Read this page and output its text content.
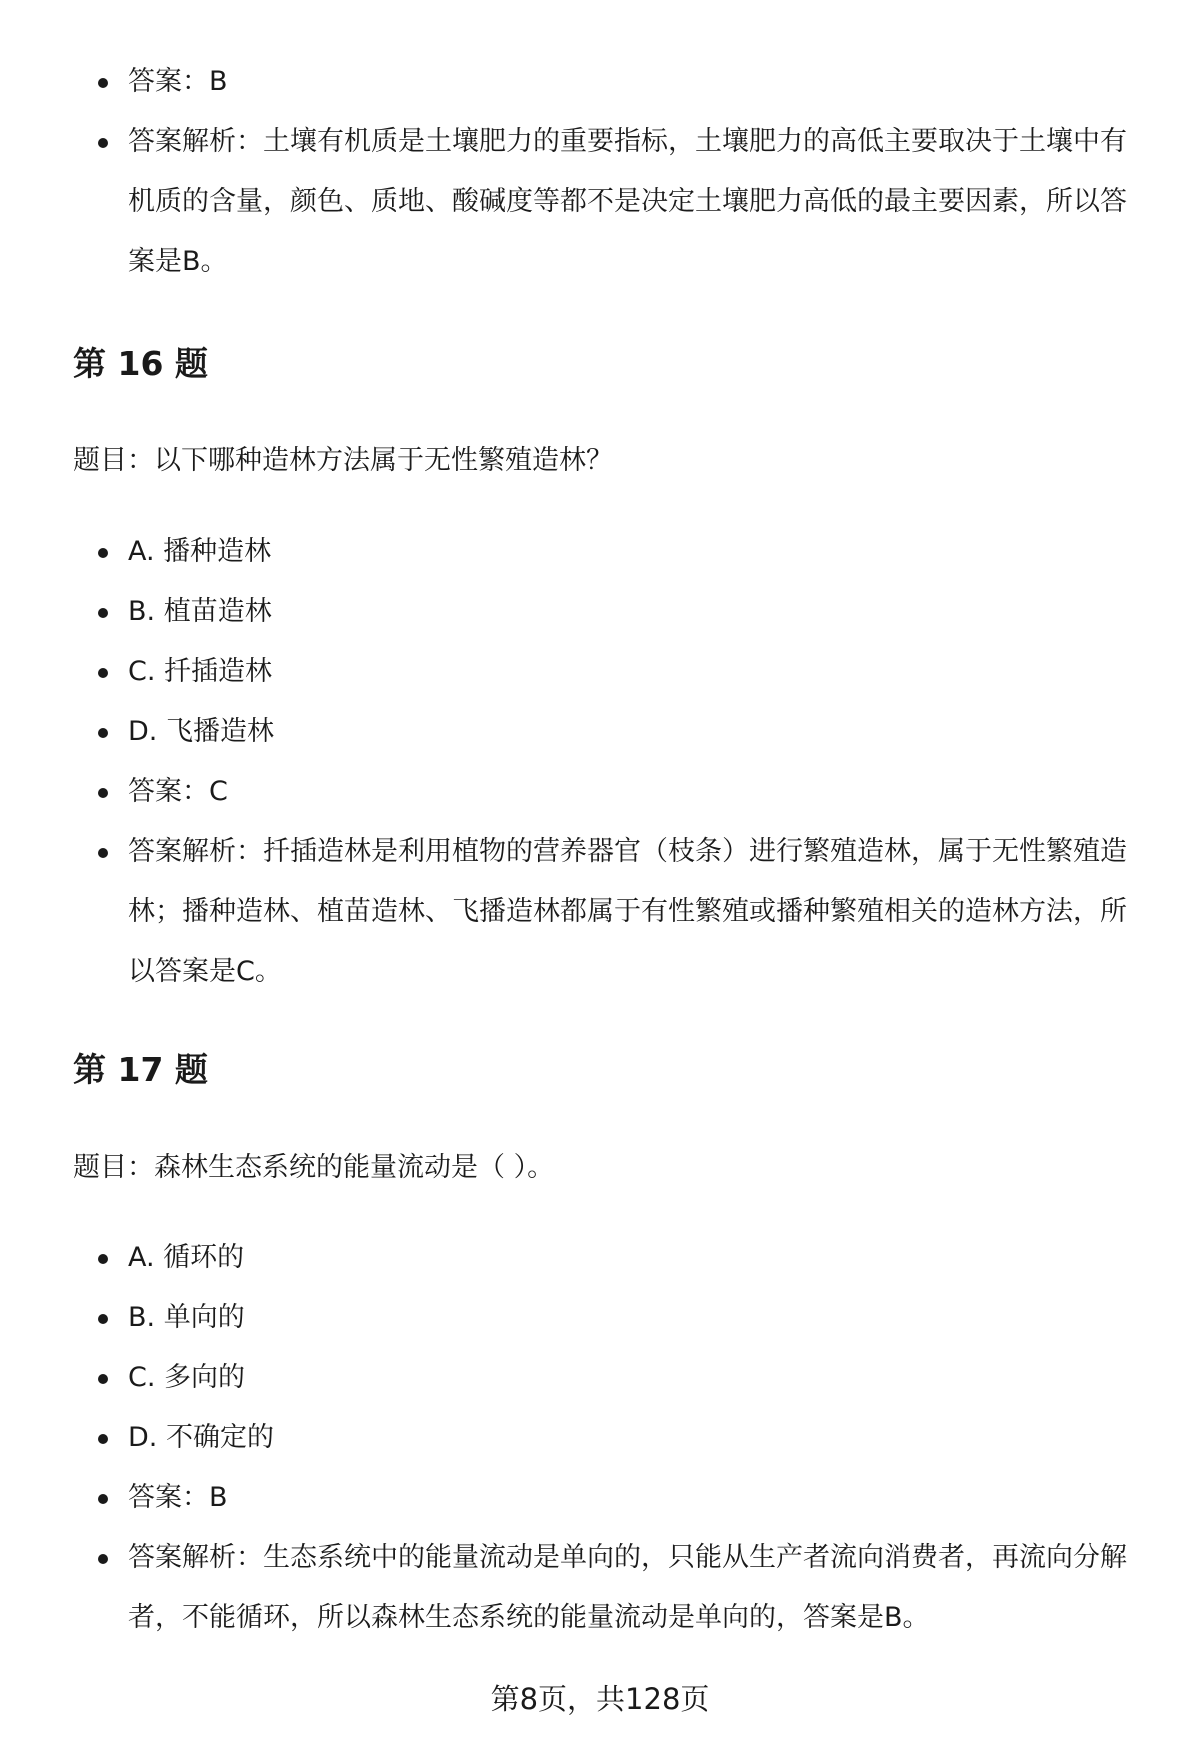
答案：B
答案解析：土壤有机质是土壤肥力的重要指标，土壤肥力的高低主要取决于土壤中有机质的含量，颜色、质地、酸碱度等都不是决定土壤肥力高低的最主要因素，所以答案是B。
第 16 题
题目：以下哪种造林方法属于无性繁殖造林？
A. 播种造林
B. 植苗造林
C. 扦插造林
D. 飞播造林
答案：C
答案解析：扦插造林是利用植物的营养器官（枝条）进行繁殖造林，属于无性繁殖造林；播种造林、植苗造林、飞播造林都属于有性繁殖或播种繁殖相关的造林方法，所以答案是C。
第 17 题
题目：森林生态系统的能量流动是（ ）。
A. 循环的
B. 单向的
C. 多向的
D. 不确定的
答案：B
答案解析：生态系统中的能量流动是单向的，只能从生产者流向消费者，再流向分解者，不能循环，所以森林生态系统的能量流动是单向的，答案是B。
第8页，共128页
